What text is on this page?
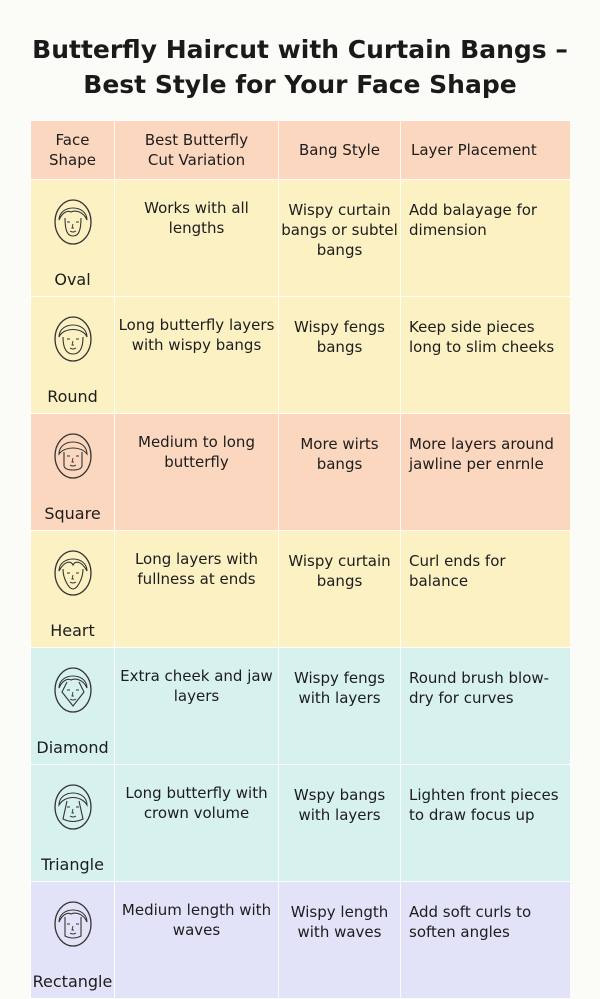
Butterfly Haircut with Curtain Bangs –
Best Style for Your Face Shape
Face Shape	Best Butterfly Cut Variation	Bang Style	Layer Placement

Oval	Works with all lengths	Wispy curtain bangs or subtel bangs	Add balayage for dimension

Round	Long butterfly layers with wispy bangs	Wispy fengs bangs	Keep side pieces long to slim cheeks

Square	Medium to long butterfly	More wirts bangs	More layers around jawline per enrnle

Heart	Long layers with fullness at ends	Wispy curtain bangs	Curl ends for balance

Diamond	Extra cheek and jaw layers	Wispy fengs with layers	Round brush blow-dry for curves

Triangle	Long butterfly with crown volume	Wspy bangs with layers	Lighten front pieces to draw focus up

Rectangle	Medium length with waves	Wispy length with waves	Add soft curls to soften angles
